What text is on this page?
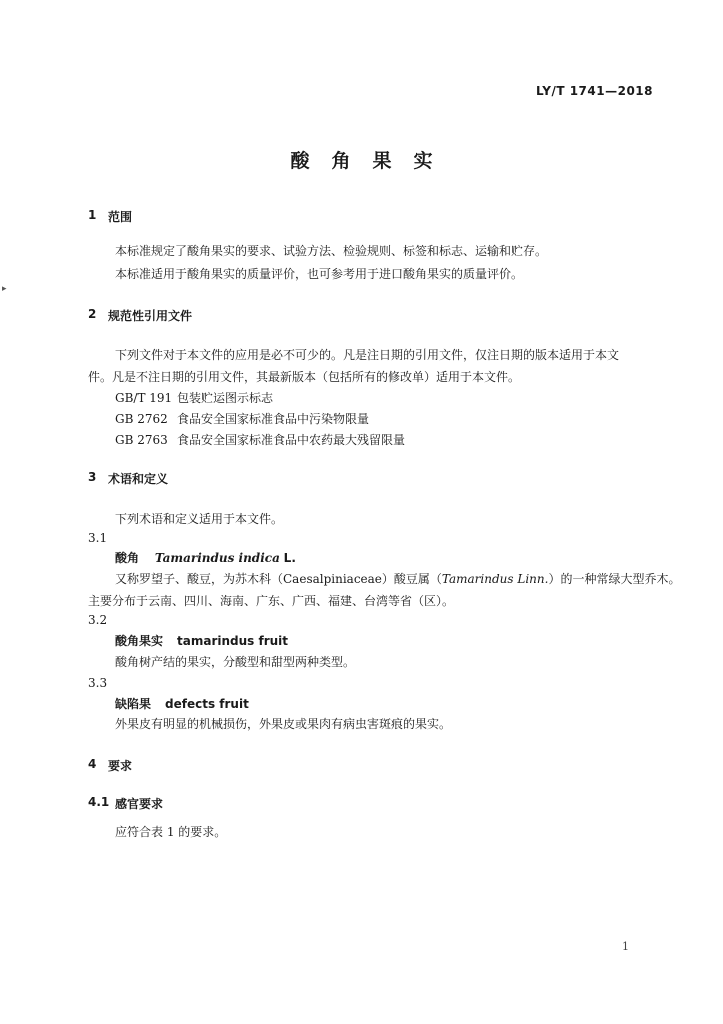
LY/T 1741—2018
酸角果实
▸
1 范围
本标准规定了酸角果实的要求、试验方法、检验规则、标签和标志、运输和贮存。
本标准适用于酸角果实的质量评价，也可参考用于进口酸角果实的质量评价。
2 规范性引用文件
下列文件对于本文件的应用是必不可少的。凡是注日期的引用文件，仅注日期的版本适用于本文
件。凡是不注日期的引用文件，其最新版本（包括所有的修改单）适用于本文件。
GB/T 191 包装贮运图示标志
GB 2762 食品安全国家标准食品中污染物限量
GB 2763 食品安全国家标准食品中农药最大残留限量
3 术语和定义
下列术语和定义适用于本文件。
3.1
酸角 Tamarindus indica L.
又称罗望子、酸豆，为苏木科（Caesalpiniaceae）酸豆属（Tamarindus Linn.）的一种常绿大型乔木。
主要分布于云南、四川、海南、广东、广西、福建、台湾等省（区）。
3.2
酸角果实 tamarindus fruit
酸角树产结的果实，分酸型和甜型两种类型。
3.3
缺陷果 defects fruit
外果皮有明显的机械损伤，外果皮或果肉有病虫害斑痕的果实。
4 要求
4.1 感官要求
应符合表 1 的要求。
1
